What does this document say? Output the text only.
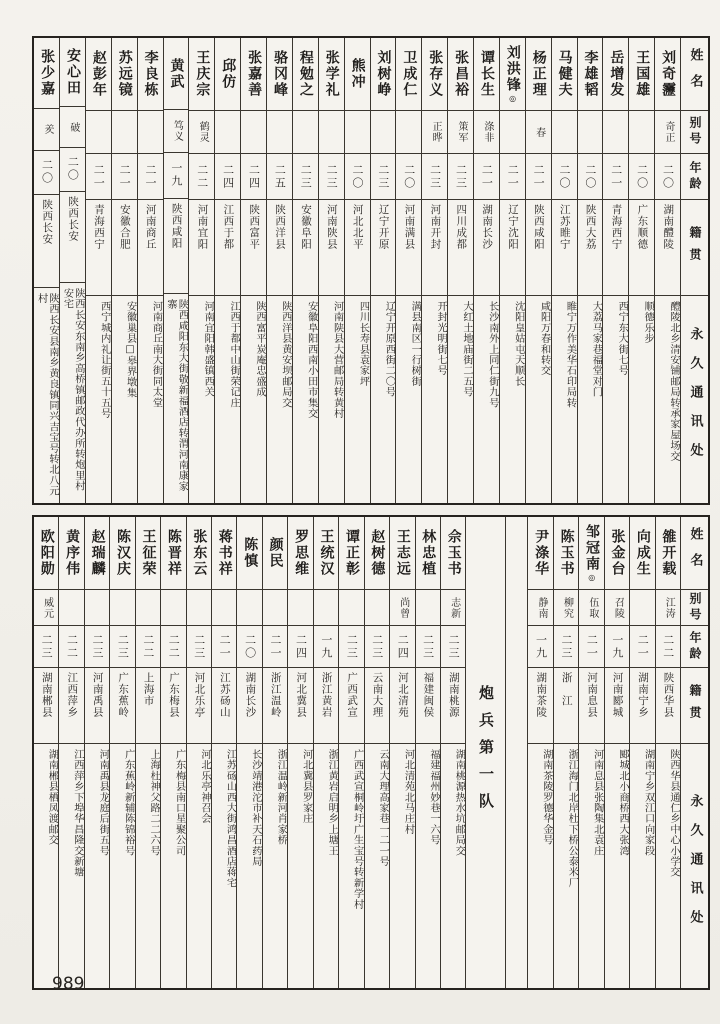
姓名
别号
年龄
籍贯
永久通讯处
刘奇靋
奇正
二〇
湖南醴陵
醴陵北乡清安铺邮局转承家屋场交
王国雄
二〇
广东顺德
顺德乐步
岳增发
二一
青海西宁
西宁东大街七号
李雄韬
二〇
陕西大荔
大荔马家巷福堂对门
马健夫
二〇
江苏睢宁
睢宁万作美华石印局转
杨正理
春
二一
陕西咸阳
咸阳万春和转交
刘洪锋
◎
二一
辽宁沈阳
沈阳皇姑屯天顺长
谭长生
涤非
二一
湖南长沙
长沙南外上同仁街九号
张昌裕
策军
二三
四川成都
大红土地庙街二五号
张存义
正晔
二三
河南开封
开封光明街七号
卫成仁
二〇
河南满县
满县南区一行树街
刘树峥
二三
辽宁开原
辽宁开原西街二〇号
熊冲
二〇
河北北平
四川长寿县袁家坪
张学礼
二三
河南陕县
河南陕县大营邮局转黄村
程勉之
二三
安徽阜阳
安徽阜阳西南小田市集交
骆冈峰
二五
陕西洋县
陕西洋县黄安坝邮局交
张嘉善
二四
陕西富平
陕西富平炭庵忠盛成
邱仿
二四
江西于都
江西于都中山街荣记庄
王庆宗
鹤灵
二二
河南宜阳
河南宜阳韩盛镇西关
黄武
笃义
一九
陕西咸阳
陕西咸阳东大街敬新福酒店转渭河南康家寨
李良栋
二一
河南商丘
河南商丘南大街同太堂
苏远镜
二一
安徽合肥
安徽巢县□皋界墩集
赵彭年
二一
青海西宁
西宁城内礼让街五十五号
安心田
破
二〇
陕西长安
陕西长安东南乡高桥镇邮政代办所转炮里村安宅
张少嘉
羑
二〇
陕西长安
陕西长安县南乡黄良镇同兴吉宝号转北八元村
姓名
别号
年龄
籍贯
永久通讯处
雒开载
江涛
二二
陕西华县
陕西华县通仁乡中心小学交
向成生
二一
湖南宁乡
湖南宁乡双江口向家段
张金台
召陵
一九
河南郾城
郾城北小商桥西大张湾
邹冠南
◎
伍取
二一
河南息县
河南息县张陶集北袁庄
陈玉书
柳究
二三
浙　江
浙江海门北岸杜下桥公泰米厂
尹涤华
静南
一九
湖南茶陵
湖南茶陵罗德华金号
炮兵第一队
佘玉书
志新
二三
湖南桃源
湖南桃源热水坑邮局交
林忠植
二三
福建闽侯
福建福州妙巷一六号
王志远
尚曾
二四
河北清苑
河北清苑北马庄村
赵树德
二三
云南大理
云南大理高家巷一二一号
谭正彰
二三
广西武宣
广西武宣桐岭圩广生宝号转新学村
王统汉
一九
浙江黄岩
浙江黄岩启明乡上塘王
罗思维
二四
河北冀县
河北冀县罗家庄
颜民
二一
浙江温岭
浙江温岭新河肖家桥
陈慎
二〇
湖南长沙
长沙靖港沱市补天石药局
蒋书祥
二一
江苏砀山
江苏砀山西大街鸿昌酒店蒋宅
张东云
二三
河北乐亭
河北乐亭神召会
陈晋祥
二二
广东梅县
广东梅县南口星聚公司
王征荣
二二
上海市
上海杜神父路二二六号
陈汉庆
二三
广东蕉岭
广东蕉岭新辅陈锦裕号
赵瑞麟
二三
河南禹县
河南禹县龙庭后街五号
黄序伟
二二
江西萍乡
江西萍乡下埠华昌隆交新塘
欧阳勋
威元
二三
湖南郴县
湖南郴县栖凤渡邮交
989
